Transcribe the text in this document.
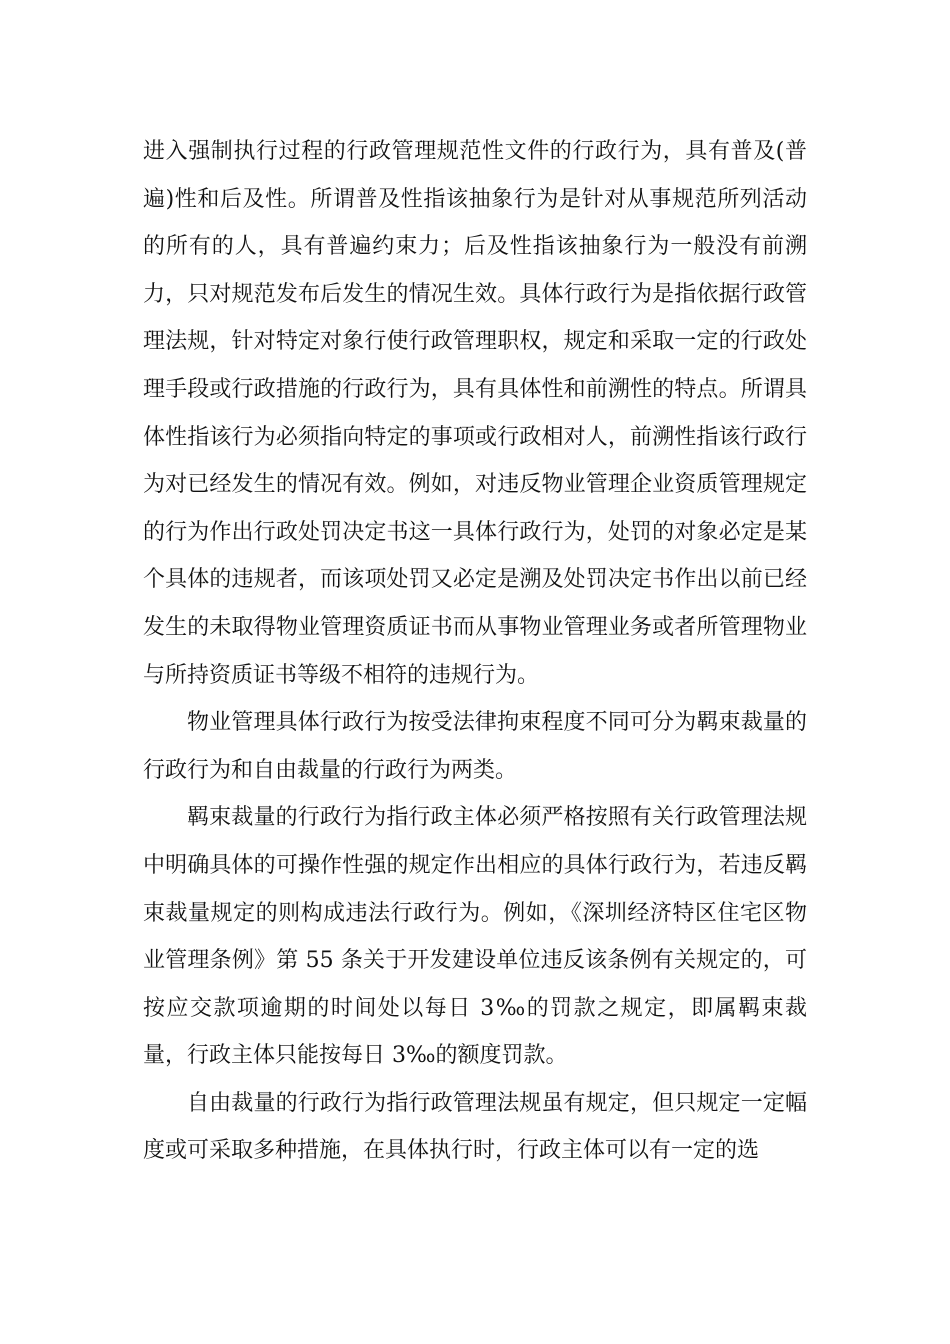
进入强制执行过程的行政管理规范性文件的行政行为，具有普及(普遍)性和后及性。所谓普及性指该抽象行为是针对从事规范所列活动的所有的人，具有普遍约束力；后及性指该抽象行为一般没有前溯力，只对规范发布后发生的情况生效。具体行政行为是指依据行政管理法规，针对特定对象行使行政管理职权，规定和采取一定的行政处理手段或行政措施的行政行为，具有具体性和前溯性的特点。所谓具体性指该行为必须指向特定的事项或行政相对人，前溯性指该行政行为对已经发生的情况有效。例如，对违反物业管理企业资质管理规定的行为作出行政处罚决定书这一具体行政行为，处罚的对象必定是某个具体的违规者，而该项处罚又必定是溯及处罚决定书作出以前已经发生的未取得物业管理资质证书而从事物业管理业务或者所管理物业与所持资质证书等级不相符的违规行为。

物业管理具体行政行为按受法律拘束程度不同可分为羁束裁量的行政行为和自由裁量的行政行为两类。

羁束裁量的行政行为指行政主体必须严格按照有关行政管理法规中明确具体的可操作性强的规定作出相应的具体行政行为，若违反羁束裁量规定的则构成违法行政行为。例如，《深圳经济特区住宅区物业管理条例》第 55 条关于开发建设单位违反该条例有关规定的，可按应交款项逾期的时间处以每日 3‰的罚款之规定，即属羁束裁量，行政主体只能按每日 3‰的额度罚款。

自由裁量的行政行为指行政管理法规虽有规定，但只规定一定幅度或可采取多种措施，在具体执行时，行政主体可以有一定的选
